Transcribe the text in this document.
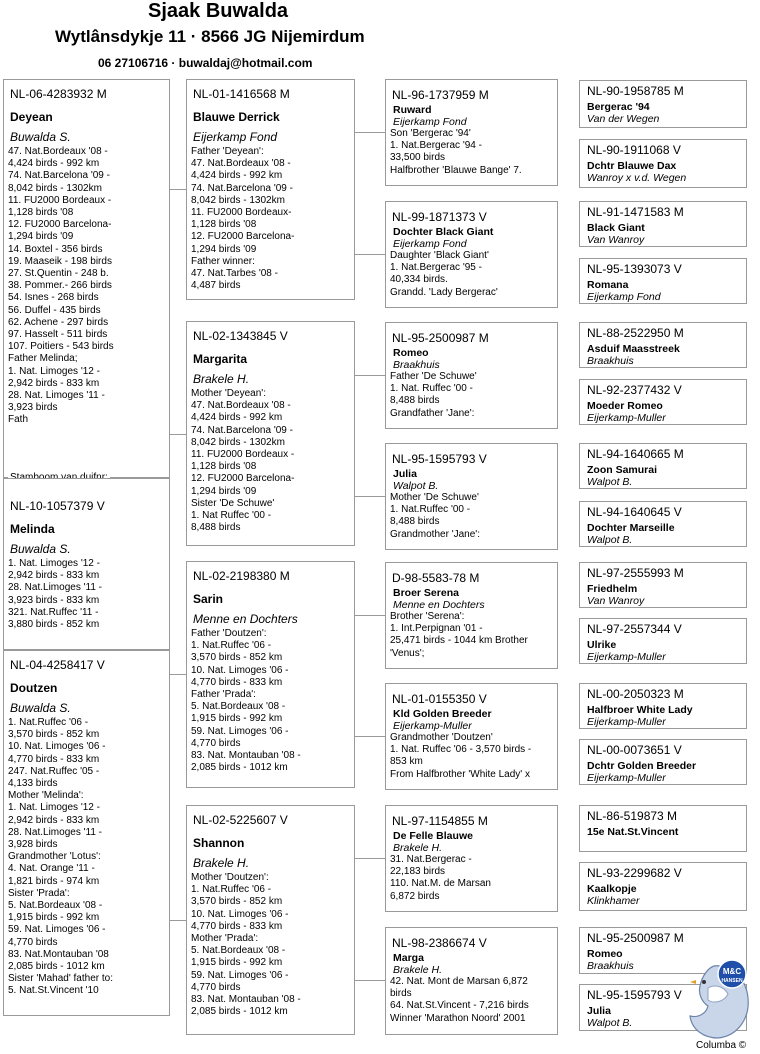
Sjaak Buwalda
Wytlânsdykje 11 · 8566 JG Nijemirdum
06 27106716 · buwaldaj@hotmail.com
NL-06-4283932 M
Deyean
Buwalda S.
47. Nat.Bordeaux '08 -
4,424 birds - 992 km
74. Nat.Barcelona '09 -
8,042 birds - 1302km
11. FU2000 Bordeaux -
1,128 birds '08
12. FU2000 Barcelona-
1,294 birds '09
14. Boxtel - 356 birds
19. Maaseik - 198 birds
27. St.Quentin - 248 b.
38. Pommer.- 266 birds
54. Isnes - 268 birds
56. Duffel - 435 birds
62. Achene - 297 birds
97. Hasselt - 511 birds
107. Poitiers - 543 birds
Father Melinda;
1. Nat. Limoges '12 -
2,942 birds - 833 km
28. Nat. Limoges '11 -
3,923 birds
Fath
NL-10-1057379 V
Melinda
Buwalda S.
1. Nat. Limoges '12 -
2,942 birds - 833 km
28. Nat.Limoges '11 -
3,923 birds - 833 km
321. Nat.Ruffec '11 -
3,880 birds - 852 km
NL-04-4258417 V
Doutzen
Buwalda S.
1. Nat.Ruffec '06 -
3,570 birds - 852 km
10. Nat. Limoges '06 -
4,770 birds - 833 km
247. Nat.Ruffec '05 -
4,133 birds
Mother 'Melinda':
1. Nat. Limoges '12 -
2,942 birds - 833 km
28. Nat.Limoges '11 -
3,928 birds
Grandmother 'Lotus':
4. Nat. Orange '11 -
1,821 birds - 974 km
Sister 'Prada':
5. Nat.Bordeaux '08 -
1,915 birds - 992 km
59. Nat. Limoges '06 -
4,770 birds
83. Nat.Montauban '08
2,085 birds - 1012 km
Sister 'Mahad' father to:
5. Nat.St.Vincent '10
NL-01-1416568 M
Blauwe Derrick
Eijerkamp Fond
Father 'Deyean':
47. Nat.Bordeaux '08 -
4,424 birds - 992 km
74. Nat.Barcelona '09 -
8,042 birds - 1302km
11. FU2000 Bordeaux-
1,128 birds '08
12. FU2000 Barcelona-
1,294 birds '09
Father winner:
47. Nat.Tarbes '08 -
4,487 birds
NL-02-1343845 V
Margarita
Brakele H.
Mother 'Deyean':
47. Nat.Bordeaux '08 -
4,424 birds - 992 km
74. Nat.Barcelona '09 -
8,042 birds - 1302km
11. FU2000 Bordeaux -
1,128 birds '08
12. FU2000 Barcelona-
1,294 birds '09
Sister 'De Schuwe'
1. Nat Ruffec '00 -
8,488 birds
NL-02-2198380 M
Sarin
Menne en Dochters
Father 'Doutzen':
1. Nat.Ruffec '06 -
3,570 birds - 852 km
10. Nat. Limoges '06 -
4,770 birds - 833 km
Father 'Prada':
5. Nat.Bordeaux '08 -
1,915 birds - 992 km
59. Nat. Limoges '06 -
4,770 birds
83. Nat. Montauban '08 -
2,085 birds - 1012 km
NL-02-5225607 V
Shannon
Brakele H.
Mother 'Doutzen':
1. Nat.Ruffec '06 -
3,570 birds - 852 km
10. Nat. Limoges '06 -
4,770 birds - 833 km
Mother 'Prada':
5. Nat.Bordeaux '08 -
1,915 birds - 992 km
59. Nat. Limoges '06 -
4,770 birds
83. Nat. Montauban '08 -
2,085 birds - 1012 km
NL-96-1737959 M
Ruward
Eijerkamp Fond
Son 'Bergerac '94'
1. Nat.Bergerac '94 -
33,500 birds
Halfbrother 'Blauwe Bange' 7.
NL-99-1871373 V
Dochter Black Giant
Eijerkamp Fond
Daughter 'Black Giant'
1. Nat.Bergerac '95 -
40,334 birds.
Grandd. 'Lady Bergerac'
NL-95-2500987 M
Romeo
Braakhuis
Father 'De Schuwe'
1. Nat. Ruffec '00 -
8,488 birds
Grandfather 'Jane':
NL-95-1595793 V
Julia
Walpot B.
Mother 'De Schuwe'
1. Nat.Ruffec '00 -
8,488 birds
Grandmother 'Jane':
D-98-5583-78 M
Broer Serena
Menne en Dochters
Brother 'Serena':
1. Int.Perpignan '01 -
25,471 birds - 1044 km Brother
'Venus';
NL-01-0155350 V
Kld Golden Breeder
Eijerkamp-Muller
Grandmother 'Doutzen'
1. Nat. Ruffec '06 - 3,570 birds -
853 km
From Halfbrother 'White Lady' x
NL-97-1154855 M
De Felle Blauwe
Brakele H.
31. Nat.Bergerac -
22,183 birds
110. Nat.M. de Marsan
6,872 birds
NL-98-2386674 V
Marga
Brakele H.
42. Nat. Mont de Marsan 6,872
birds
64. Nat.St.Vincent - 7,216 birds
Winner 'Marathon Noord' 2001
NL-90-1958785 M
Bergerac '94
Van der Wegen
NL-90-1911068 V
Dchtr Blauwe Dax
Wanroy x v.d. Wegen
NL-91-1471583 M
Black Giant
Van Wanroy
NL-95-1393073 V
Romana
Eijerkamp Fond
NL-88-2522950 M
Asduif Maasstreek
Braakhuis
NL-92-2377432 V
Moeder Romeo
Eijerkamp-Muller
NL-94-1640665 M
Zoon Samurai
Walpot B.
NL-94-1640645 V
Dochter Marseille
Walpot B.
NL-97-2555993 M
Friedhelm
Van Wanroy
NL-97-2557344 V
Ulrike
Eijerkamp-Muller
NL-00-2050323 M
Halfbroer White Lady
Eijerkamp-Muller
NL-00-0073651 V
Dchtr Golden Breeder
Eijerkamp-Muller
NL-86-519873 M
15e Nat.St.Vincent
NL-93-2299682 V
Kaalkopje
Klinkhamer
NL-95-2500987 M
Romeo
Braakhuis
NL-95-1595793 V
Julia
Walpot B.
M&C
HANSEN
Columba ©
